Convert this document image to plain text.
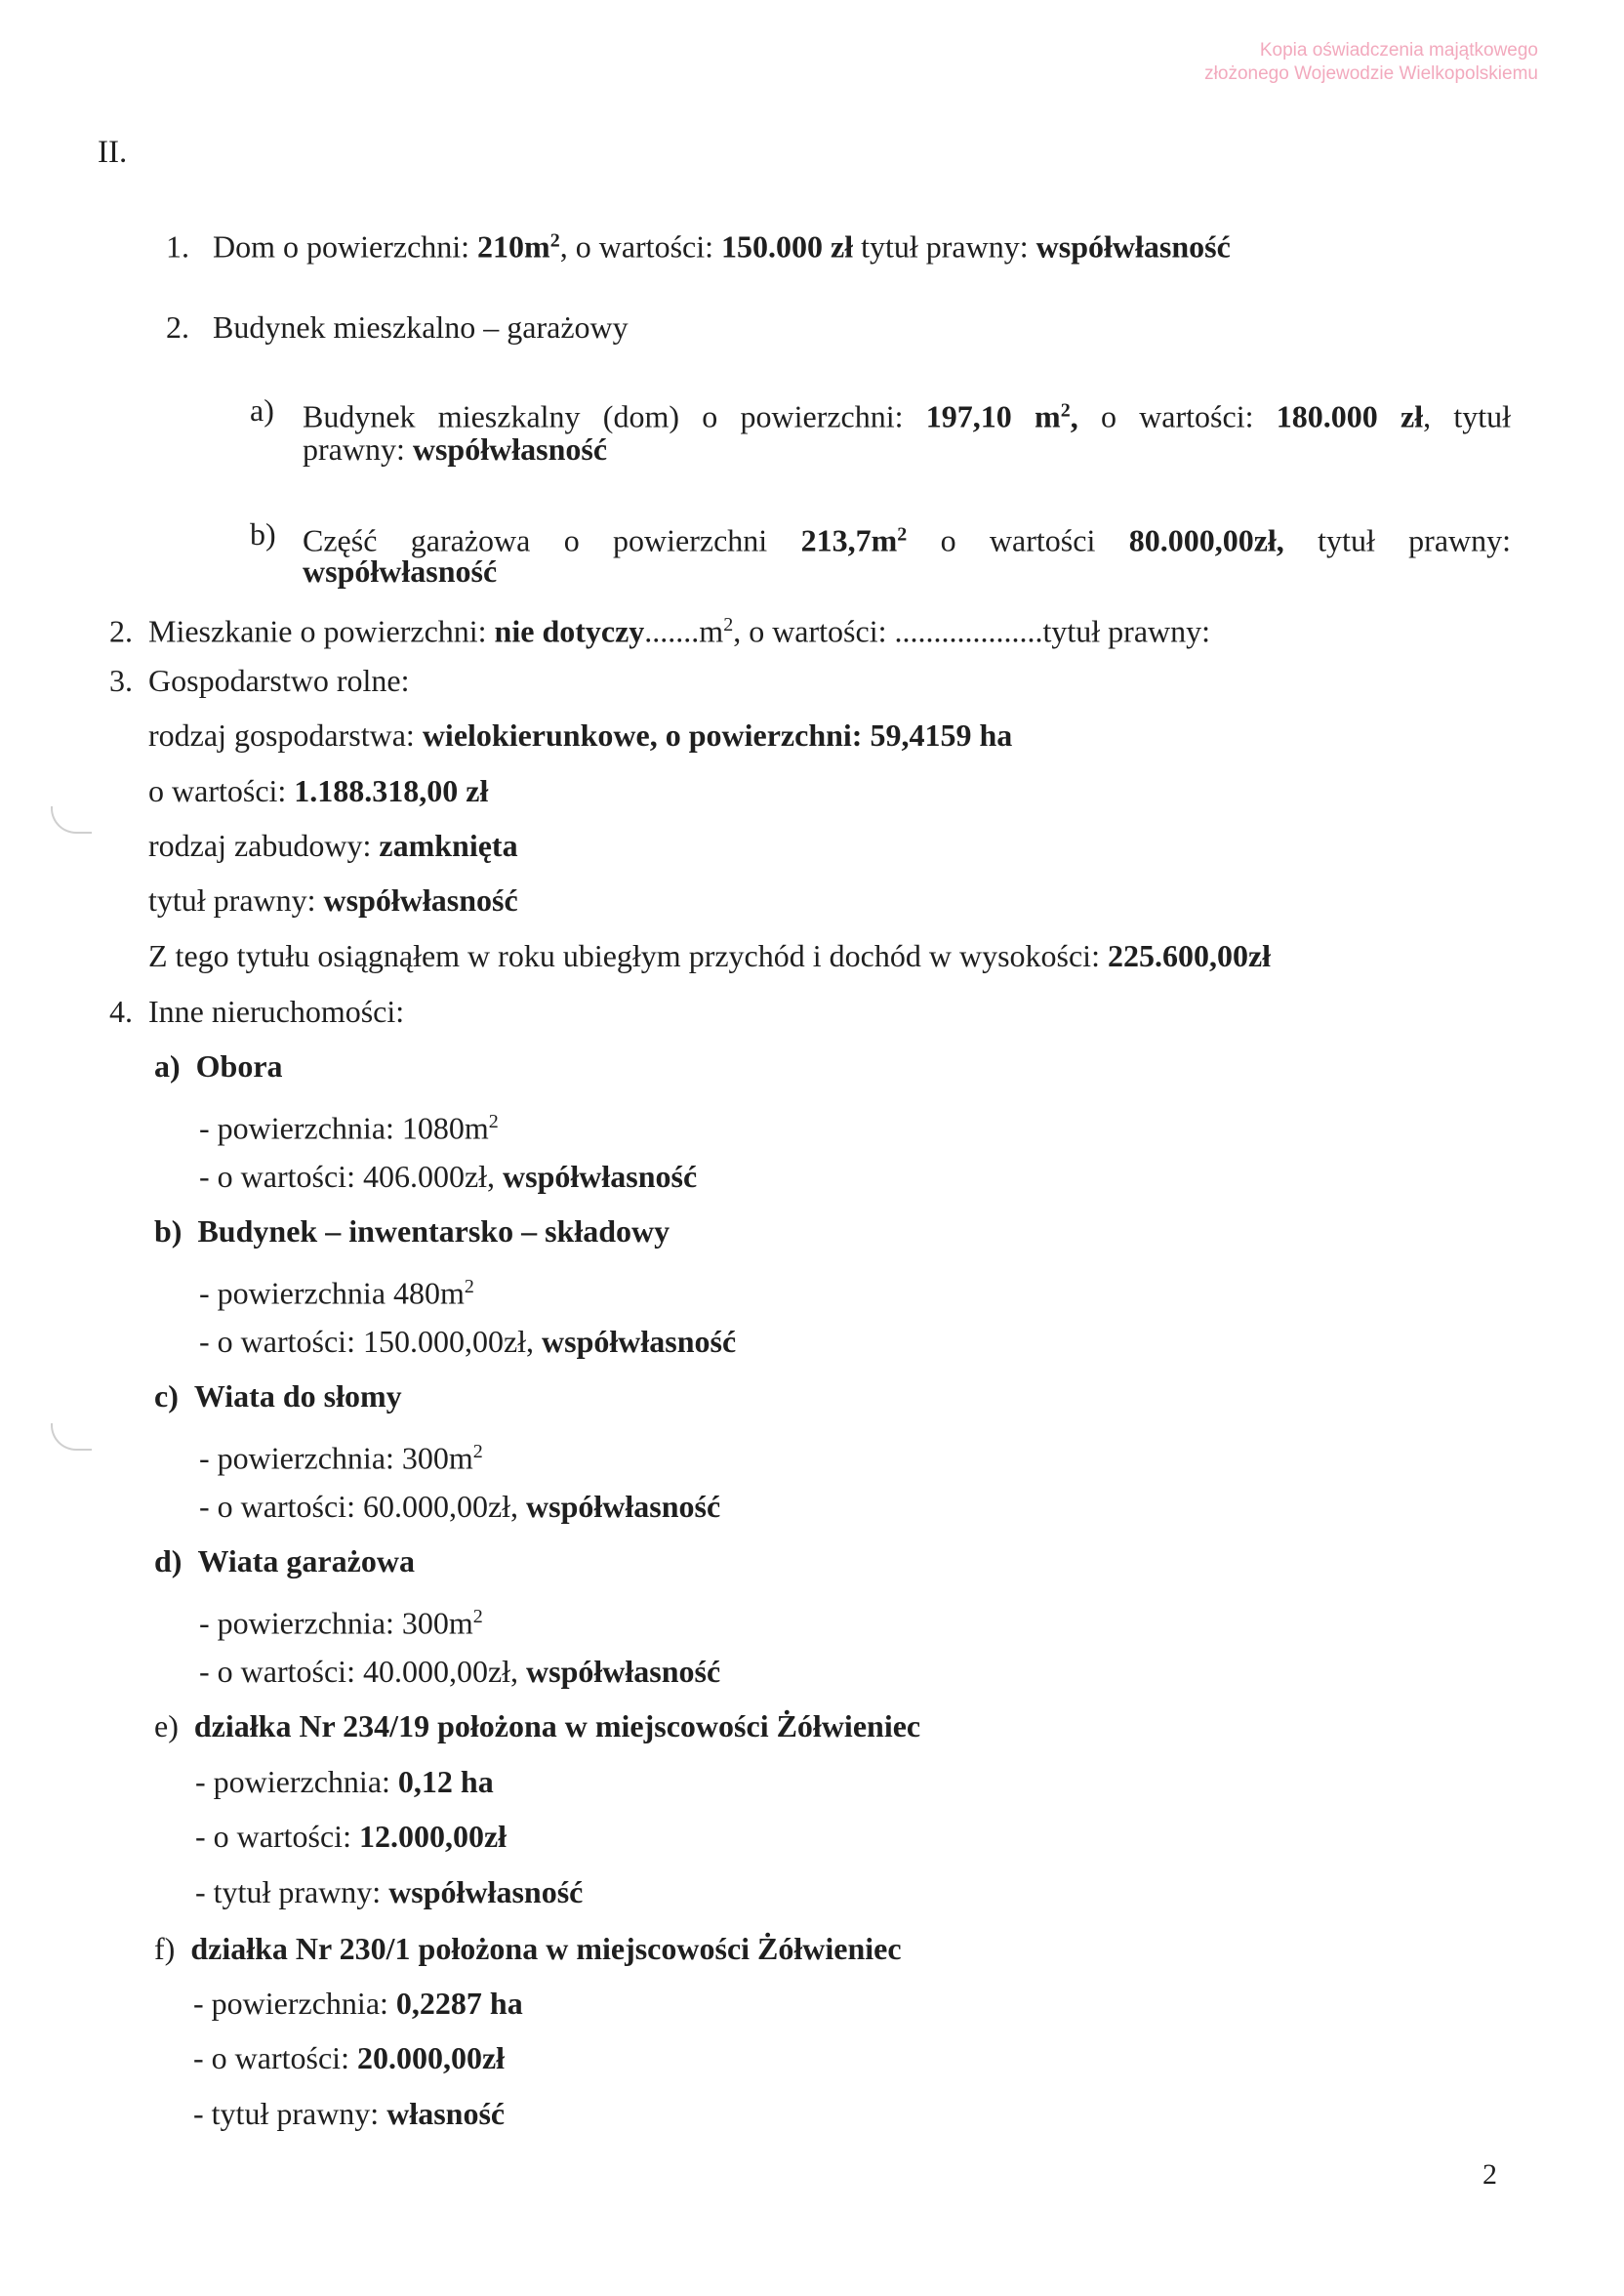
Kopia oświadczenia majątkowego
złożonego Wojewodzie Wielkopolskiemu
II.
1. Dom o powierzchni: $210m^2$, o wartości: 150.000 zł tytuł prawny: współwłasność
2. Budynek mieszkalno – garażowy
a) Budynek mieszkalny (dom) o powierzchni: 197,10 $m^2$, o wartości: 180.000 zł, tytuł
prawny: współwłasność
b) Część garażowa o powierzchni $213,7m^2$ o wartości 80.000,00zł, tytuł prawny:
współwłasność
2. Mieszkanie o powierzchni: nie $dotyczy.......m^2$, o wartości: ...................tytuł prawny:
3. Gospodarstwo rolne:
rodzaj gospodarstwa: wielokierunkowe, o powierzchni: 59,4159 ha
o wartości: 1.188.318,00 zł
rodzaj zabudowy: zamknięta
tytuł prawny: współwłasność
Z tego tytułu osiągnąłem w roku ubiegłym przychód i dochód w wysokości: 225.600,00zł
4. Inne nieruchomości:
a) Obora
- powierzchnia: $1080m^2$
- o wartości: 406.000zł, współwłasność
b) Budynek – inwentarsko – składowy
- powierzchnia $480m^2$
- o wartości: 150.000,00zł, współwłasność
c) Wiata do słomy
- powierzchnia: $300m^2$
- o wartości: 60.000,00zł, współwłasność
d) Wiata garażowa
- powierzchnia: $300m^2$
- o wartości: 40.000,00zł, współwłasność
e) działka Nr 234/19 położona w miejscowości Żółwieniec
- powierzchnia: 0,12 ha
- o wartości: 12.000,00zł
- tytuł prawny: współwłasność
f) działka Nr 230/1 położona w miejscowości Żółwieniec
- powierzchnia: 0,2287 ha
- o wartości: 20.000,00zł
- tytuł prawny: własność
2
